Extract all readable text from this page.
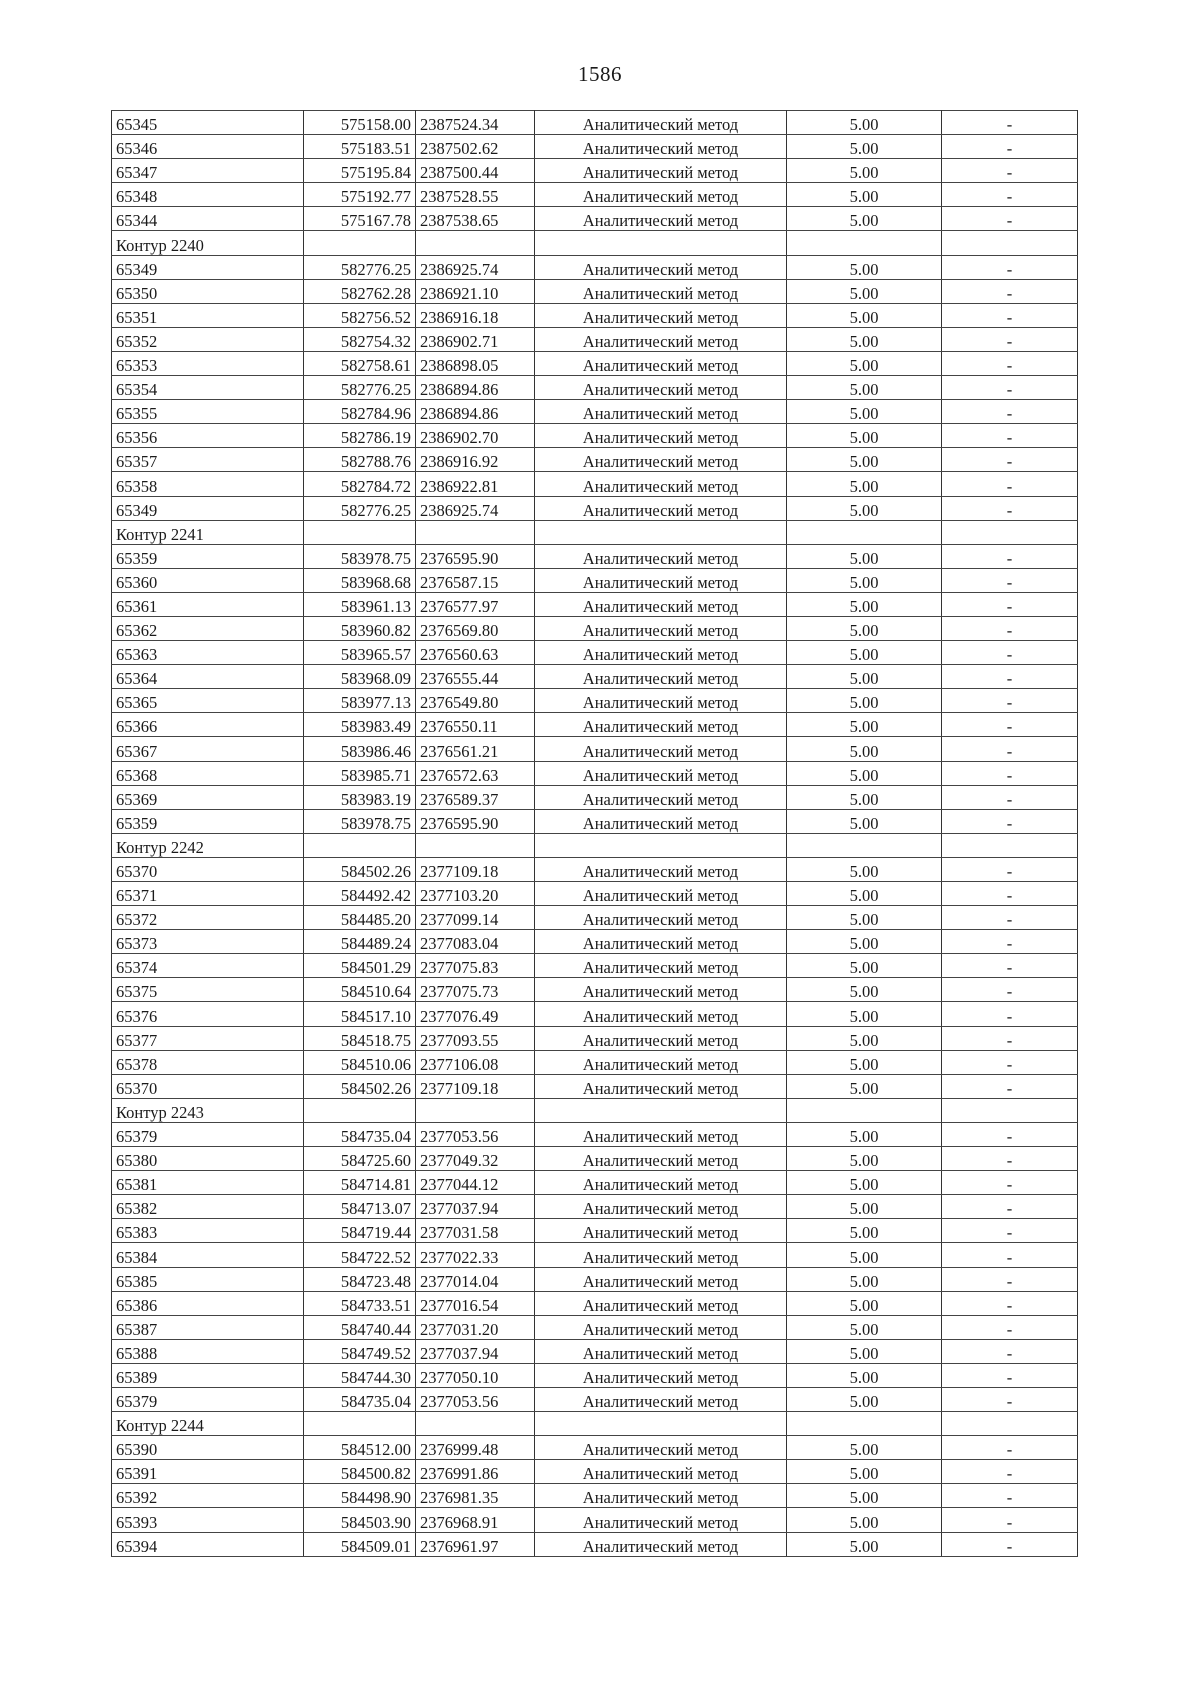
1586
65345	575158.00	2387524.34	Аналитический метод	5.00	-
65346	575183.51	2387502.62	Аналитический метод	5.00	-
65347	575195.84	2387500.44	Аналитический метод	5.00	-
65348	575192.77	2387528.55	Аналитический метод	5.00	-
65344	575167.78	2387538.65	Аналитический метод	5.00	-
Контур 2240					
65349	582776.25	2386925.74	Аналитический метод	5.00	-
65350	582762.28	2386921.10	Аналитический метод	5.00	-
65351	582756.52	2386916.18	Аналитический метод	5.00	-
65352	582754.32	2386902.71	Аналитический метод	5.00	-
65353	582758.61	2386898.05	Аналитический метод	5.00	-
65354	582776.25	2386894.86	Аналитический метод	5.00	-
65355	582784.96	2386894.86	Аналитический метод	5.00	-
65356	582786.19	2386902.70	Аналитический метод	5.00	-
65357	582788.76	2386916.92	Аналитический метод	5.00	-
65358	582784.72	2386922.81	Аналитический метод	5.00	-
65349	582776.25	2386925.74	Аналитический метод	5.00	-
Контур 2241					
65359	583978.75	2376595.90	Аналитический метод	5.00	-
65360	583968.68	2376587.15	Аналитический метод	5.00	-
65361	583961.13	2376577.97	Аналитический метод	5.00	-
65362	583960.82	2376569.80	Аналитический метод	5.00	-
65363	583965.57	2376560.63	Аналитический метод	5.00	-
65364	583968.09	2376555.44	Аналитический метод	5.00	-
65365	583977.13	2376549.80	Аналитический метод	5.00	-
65366	583983.49	2376550.11	Аналитический метод	5.00	-
65367	583986.46	2376561.21	Аналитический метод	5.00	-
65368	583985.71	2376572.63	Аналитический метод	5.00	-
65369	583983.19	2376589.37	Аналитический метод	5.00	-
65359	583978.75	2376595.90	Аналитический метод	5.00	-
Контур 2242					
65370	584502.26	2377109.18	Аналитический метод	5.00	-
65371	584492.42	2377103.20	Аналитический метод	5.00	-
65372	584485.20	2377099.14	Аналитический метод	5.00	-
65373	584489.24	2377083.04	Аналитический метод	5.00	-
65374	584501.29	2377075.83	Аналитический метод	5.00	-
65375	584510.64	2377075.73	Аналитический метод	5.00	-
65376	584517.10	2377076.49	Аналитический метод	5.00	-
65377	584518.75	2377093.55	Аналитический метод	5.00	-
65378	584510.06	2377106.08	Аналитический метод	5.00	-
65370	584502.26	2377109.18	Аналитический метод	5.00	-
Контур 2243					
65379	584735.04	2377053.56	Аналитический метод	5.00	-
65380	584725.60	2377049.32	Аналитический метод	5.00	-
65381	584714.81	2377044.12	Аналитический метод	5.00	-
65382	584713.07	2377037.94	Аналитический метод	5.00	-
65383	584719.44	2377031.58	Аналитический метод	5.00	-
65384	584722.52	2377022.33	Аналитический метод	5.00	-
65385	584723.48	2377014.04	Аналитический метод	5.00	-
65386	584733.51	2377016.54	Аналитический метод	5.00	-
65387	584740.44	2377031.20	Аналитический метод	5.00	-
65388	584749.52	2377037.94	Аналитический метод	5.00	-
65389	584744.30	2377050.10	Аналитический метод	5.00	-
65379	584735.04	2377053.56	Аналитический метод	5.00	-
Контур 2244					
65390	584512.00	2376999.48	Аналитический метод	5.00	-
65391	584500.82	2376991.86	Аналитический метод	5.00	-
65392	584498.90	2376981.35	Аналитический метод	5.00	-
65393	584503.90	2376968.91	Аналитический метод	5.00	-
65394	584509.01	2376961.97	Аналитический метод	5.00	-
